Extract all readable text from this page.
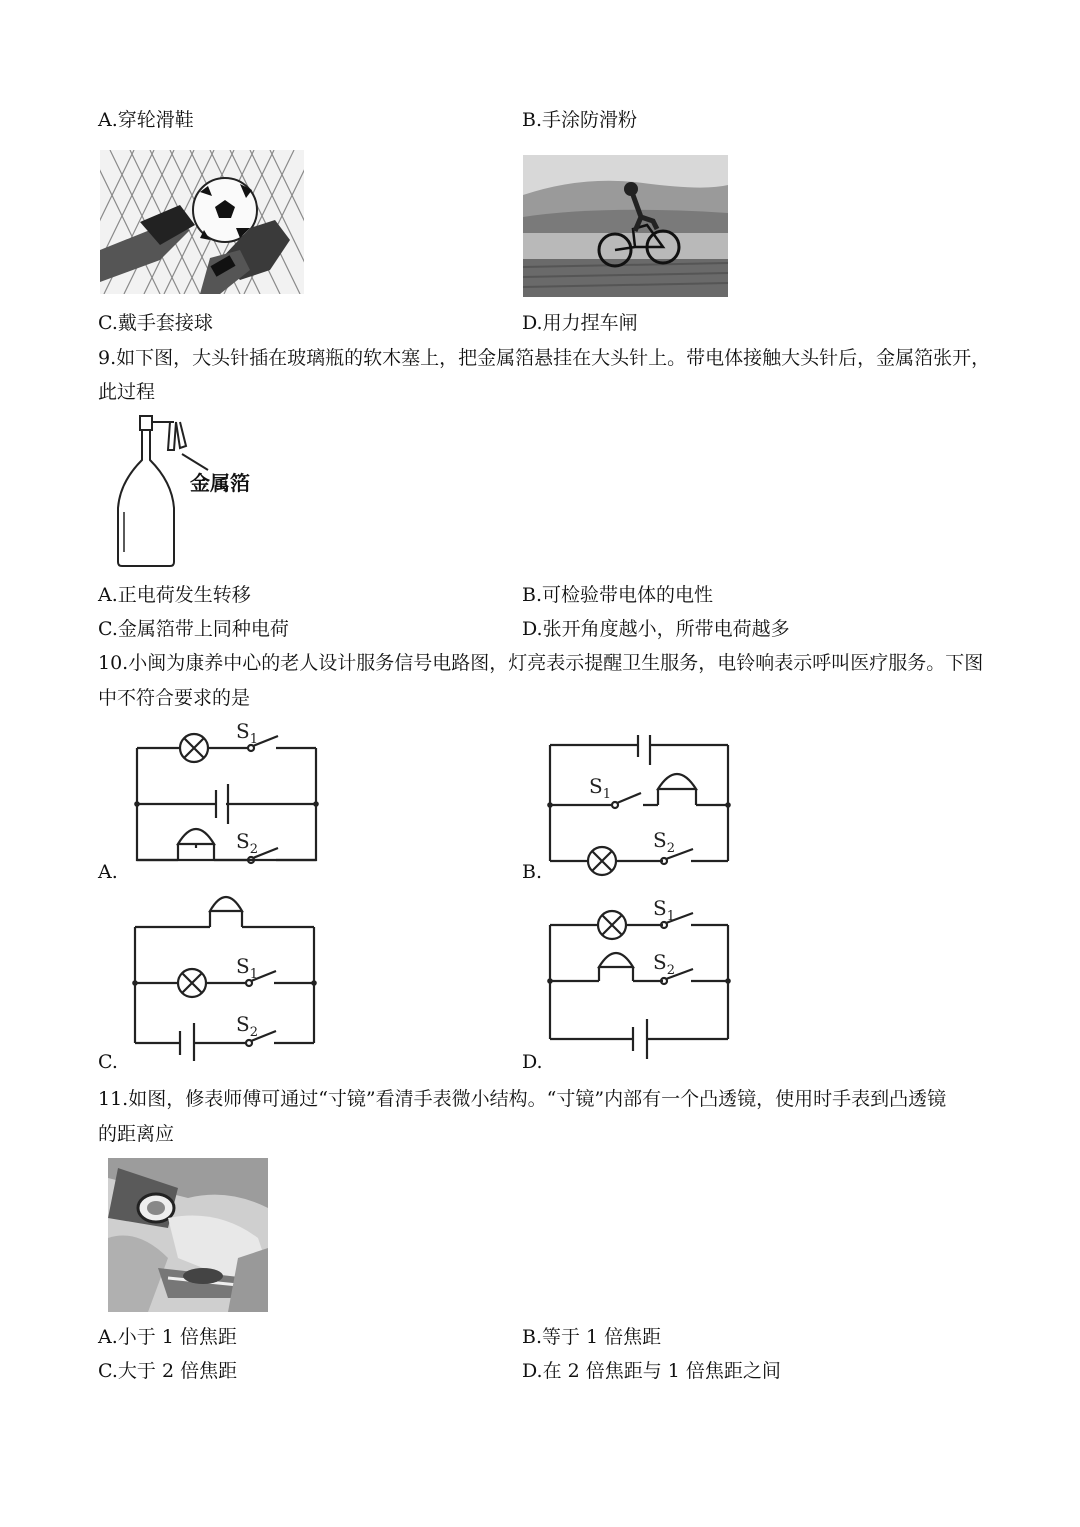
A.穿轮滑鞋	B.手涂防滑粉
C.戴手套接球	D.用力捏车闸
9.如下图，大头针插在玻璃瓶的软木塞上，把金属箔悬挂在大头针上。带电体接触大头针后，金属箔张开，
此过程
金属箔
A.正电荷发生转移	B.可检验带电体的电性
C.金属箔带上同种电荷	D.张开角度越小，所带电荷越多
10.小闽为康养中心的老人设计服务信号电路图，灯亮表示提醒卫生服务，电铃响表示呼叫医疗服务。下图
中不符合要求的是
$S_1$
$S_2$
A.
$S_1$
$S_2$
B.
$S_1$
$S_2$
C.
$S_1$
$S_2$
D.
11.如图，修表师傅可通过“寸镜”看清手表微小结构。“寸镜”内部有一个凸透镜，使用时手表到凸透镜
的距离应
A.小于 1 倍焦距	B.等于 1 倍焦距
C.大于 2 倍焦距	D.在 2 倍焦距与 1 倍焦距之间
